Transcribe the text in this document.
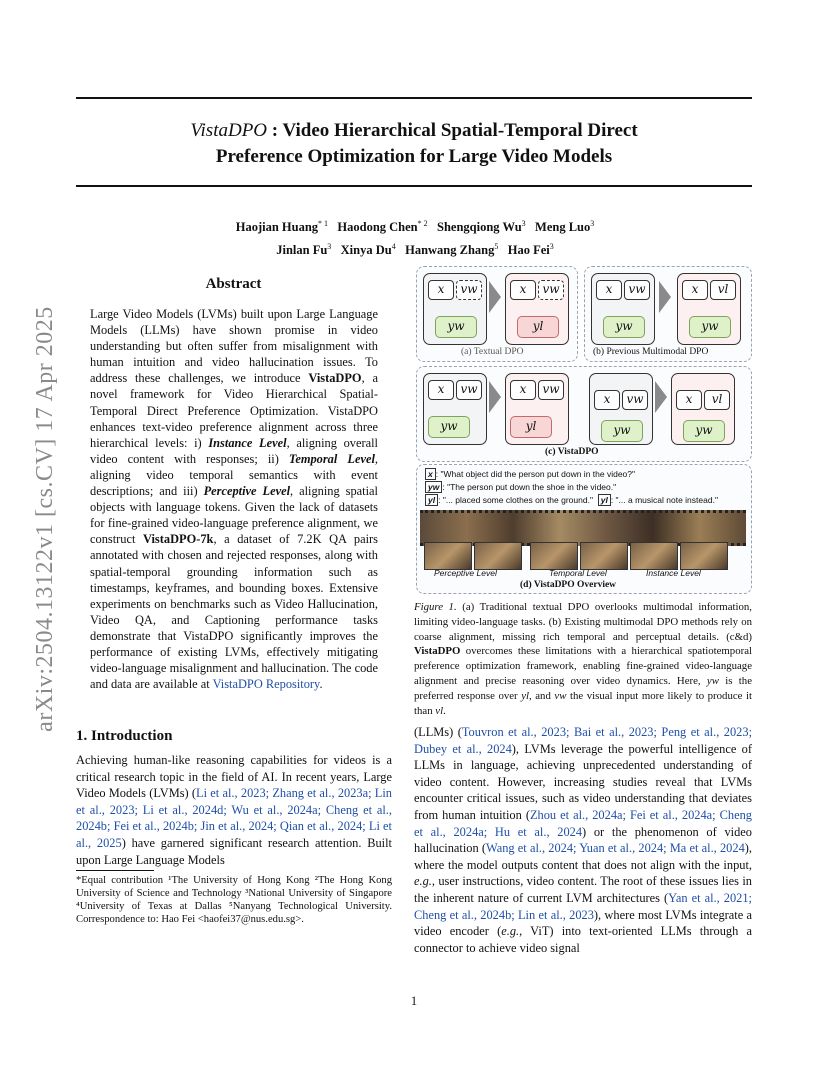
VistaDPO : Video Hierarchical Spatial-Temporal Direct
Preference Optimization for Large Video Models
Haojian Huang$^{* 1}$ Haodong Chen$^{* 2}$ Shengqiong Wu$^3$ Meng Luo$^3$
Jinlan Fu$^3$ Xinya Du$^4$ Hanwang Zhang$^5$ Hao Fei$^3$
arXiv:2504.13122v1 [cs.CV] 17 Apr 2025
Abstract
Large Video Models (LVMs) built upon Large Language Models (LLMs) have shown promise in video understanding but often suffer from misalignment with human intuition and video hallucination issues. To address these challenges, we introduce VistaDPO, a novel framework for Video Hierarchical Spatial-Temporal Direct Preference Optimization. VistaDPO enhances text-video preference alignment across three hierarchical levels: i) Instance Level, aligning overall video content with responses; ii) Temporal Level, aligning video temporal semantics with event descriptions; and iii) Perceptive Level, aligning spatial objects with language tokens. Given the lack of datasets for fine-grained video-language preference alignment, we construct VistaDPO-7k, a dataset of 7.2K QA pairs annotated with chosen and rejected responses, along with spatial-temporal grounding information such as timestamps, keyframes, and bounding boxes. Extensive experiments on benchmarks such as Video Hallucination, Video QA, and Captioning performance tasks demonstrate that VistaDPO significantly improves the performance of existing LVMs, effectively mitigating video-language misalignment and hallucination. The code and data are available at VistaDPO Repository.
x	vw
yw
x	vw
yl
(a) Textual DPO
x	vw
yw
x	vl
yw
(b) Previous Multimodal DPO
x	vw
yw
x	vw
yl
x	vw
yw
x	vl
yw
(c) VistaDPO
x : "What object did the person put down in the video?"
yw : "The person put down the shoe in the video."
yl : "... placed some clothes on the ground." yl : "... a musical note instead."
Perceptive Level	Temporal Level	Instance Level
(d) VistaDPO Overview
Figure 1. (a) Traditional textual DPO overlooks multimodal information, limiting video-language tasks. (b) Existing multimodal DPO methods rely on coarse alignment, missing rich temporal and perceptual details. (c&d) VistaDPO overcomes these limitations with a hierarchical spatiotemporal preference optimization framework, enabling fine-grained video-language alignment and precise reasoning over video dynamics. Here, yw is the preferred response over yl, and vw the visual input more likely to produce it than vl.
1. Introduction
Achieving human-like reasoning capabilities for videos is a critical research topic in the field of AI. In recent years, Large Video Models (LVMs) (Li et al., 2023; Zhang et al., 2023a; Lin et al., 2023; Li et al., 2024d; Wu et al., 2024a; Cheng et al., 2024b; Fei et al., 2024b; Jin et al., 2024; Qian et al., 2024; Li et al., 2025) have garnered significant research attention. Built upon Large Language Models
(LLMs) (Touvron et al., 2023; Bai et al., 2023; Peng et al., 2023; Dubey et al., 2024), LVMs leverage the powerful intelligence of LLMs in language, achieving unprecedented understanding of video content. However, increasing studies reveal that LVMs encounter critical issues, such as video understanding that deviates from human intuition (Zhou et al., 2024a; Fei et al., 2024a; Cheng et al., 2024a; Hu et al., 2024) or the phenomenon of video hallucination (Wang et al., 2024; Yuan et al., 2024; Ma et al., 2024), where the model outputs content that does not align with the input, e.g., user instructions, video content. The root of these issues lies in the inherent nature of current LVM architectures (Yan et al., 2021; Cheng et al., 2024b; Lin et al., 2023), where most LVMs integrate a video encoder (e.g., ViT) into text-oriented LLMs through a connector to achieve video signal
*Equal contribution ¹The University of Hong Kong ²The Hong Kong University of Science and Technology ³National University of Singapore ⁴University of Texas at Dallas ⁵Nanyang Technological University. Correspondence to: Hao Fei <haofei37@nus.edu.sg>.
1
